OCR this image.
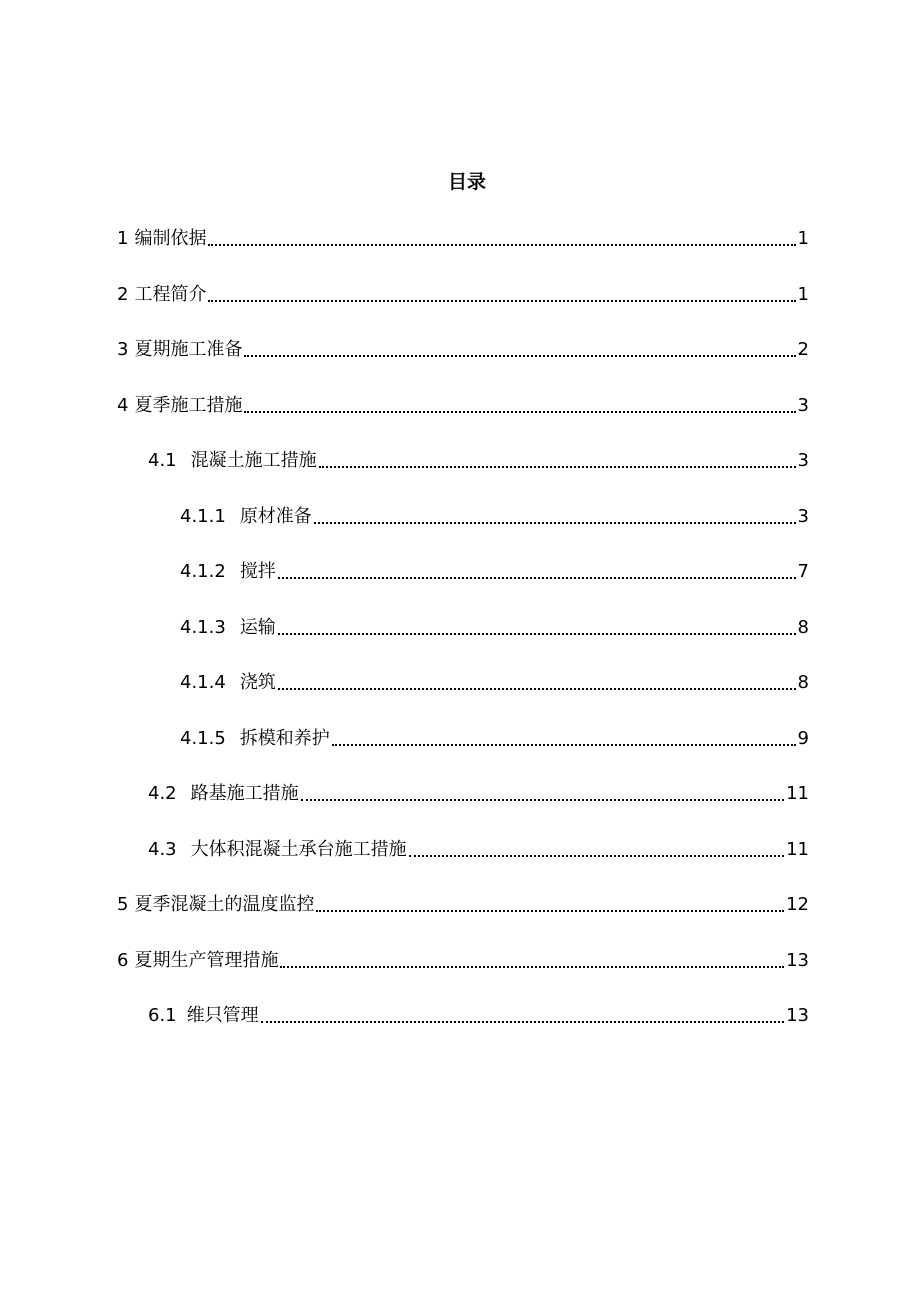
目录
1 编制依据	1
2 工程简介	1
3 夏期施工准备	2
4 夏季施工措施	3
4.1 混凝土施工措施	3
4.1.1 原材准备	3
4.1.2 搅拌	7
4.1.3 运输	8
4.1.4 浇筑	8
4.1.5 拆模和养护	9
4.2 路基施工措施	11
4.3 大体积混凝土承台施工措施	11
5 夏季混凝土的温度监控	12
6 夏期生产管理措施	13
6.1 维只管理	13
